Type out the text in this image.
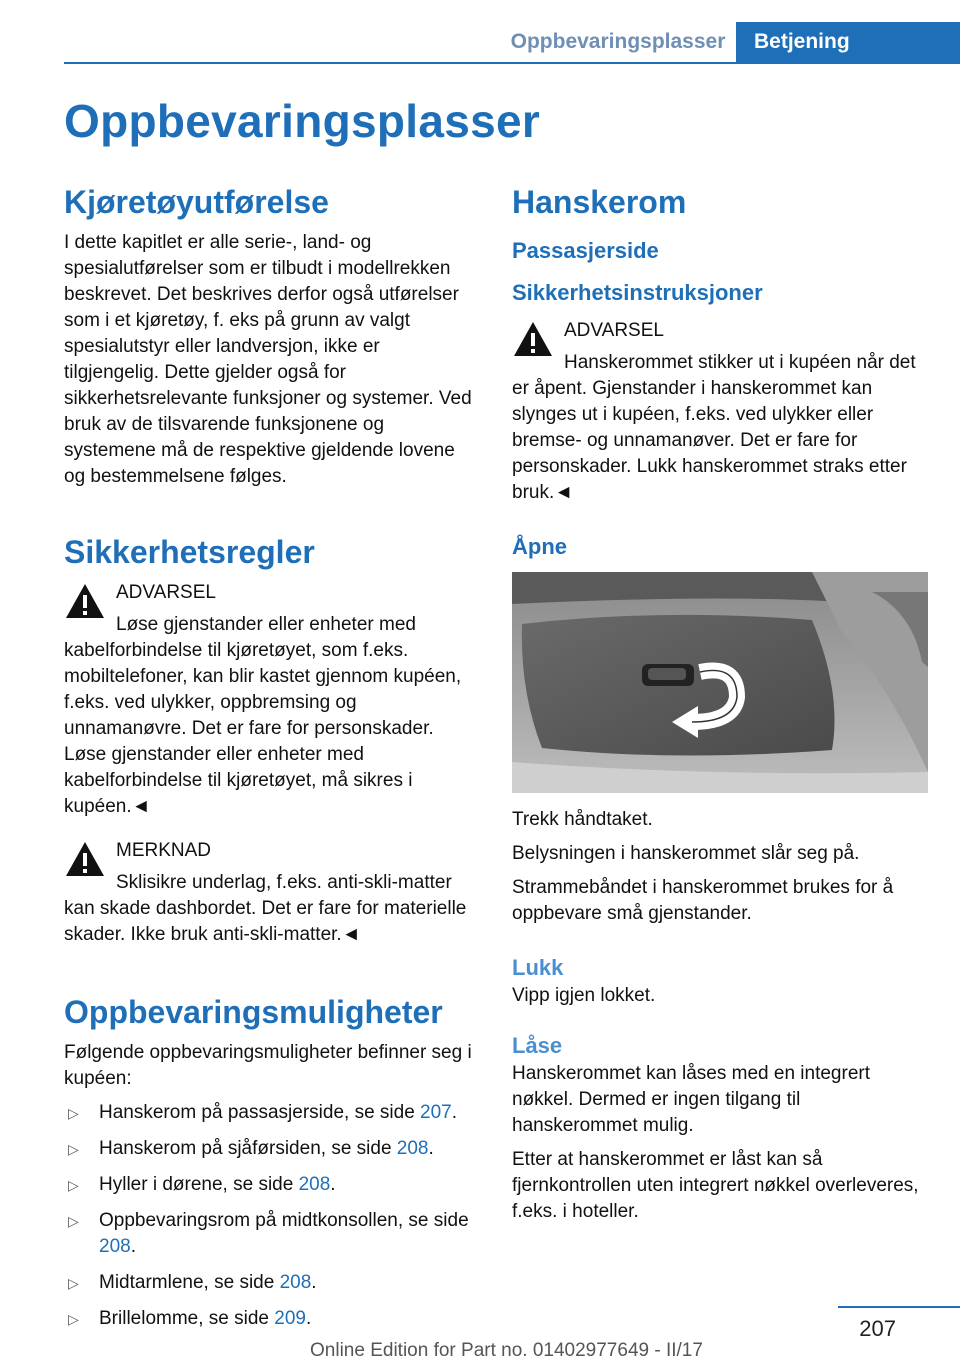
Oppbevaringsplasser	Betjening
Oppbevaringsplasser
Kjøretøyutførelse

I dette kapitlet er alle serie-, land- og spesialutførelser som er tilbudt i modellrekken beskrevet. Det beskrives derfor også utførelser som i et kjøretøy, f. eks på grunn av valgt spesialutstyr eller landversjon, ikke er tilgjengelig. Dette gjelder også for sikkerhetsrelevante funksjoner og systemer. Ved bruk av de tilsvarende funksjonene og systemene må de respektive gjeldende lovene og bestemmelsene følges.

Sikkerhetsregler
ADVARSEL

Løse gjenstander eller enheter med kabelforbindelse til kjøretøyet, som f.eks. mobiltelefoner, kan blir kastet gjennom kupéen, f.eks. ved ulykker, oppbremsing og unnamanøvre. Det er fare for personskader. Løse gjenstander eller enheter med kabelforbindelse til kjøretøyet, må sikres i kupéen.◄

MERKNAD

Sklisikre underlag, f.eks. anti-skli-matter kan skade dashbordet. Det er fare for materielle skader. Ikke bruk anti-skli-matter.◄

Oppbevaringsmuligheter

Følgende oppbevaringsmuligheter befinner seg i kupéen:

▷ Hanskerom på passasjerside, se side 207.
▷ Hanskerom på sjåførsiden, se side 208.
▷ Hyller i dørene, se side 208.
▷ Oppbevaringsrom på midtkonsollen, se side 208.
▷ Midtarmlene, se side 208.
▷ Brillelomme, se side 209.
Hanskerom
Passasjerside
Sikkerhetsinstruksjoner
ADVARSEL

Hanskerommet stikker ut i kupéen når det er åpent. Gjenstander i hanskerommet kan slynges ut i kupéen, f.eks. ved ulykker eller bremse- og unnamanøver. Det er fare for personskader. Lukk hanskerommet straks etter bruk.◄

Åpne

Trekk håndtaket.

Belysningen i hanskerommet slår seg på.

Strammebåndet i hanskerommet brukes for å oppbevare små gjenstander.

Lukk

Vipp igjen lokket.

Låse

Hanskerommet kan låses med en integrert nøkkel. Dermed er ingen tilgang til hanskerommet mulig.

Etter at hanskerommet er låst kan så fjernkontrollen uten integrert nøkkel overleveres, f.eks. i hoteller.

207
Online Edition for Part no. 01402977649 - II/17
